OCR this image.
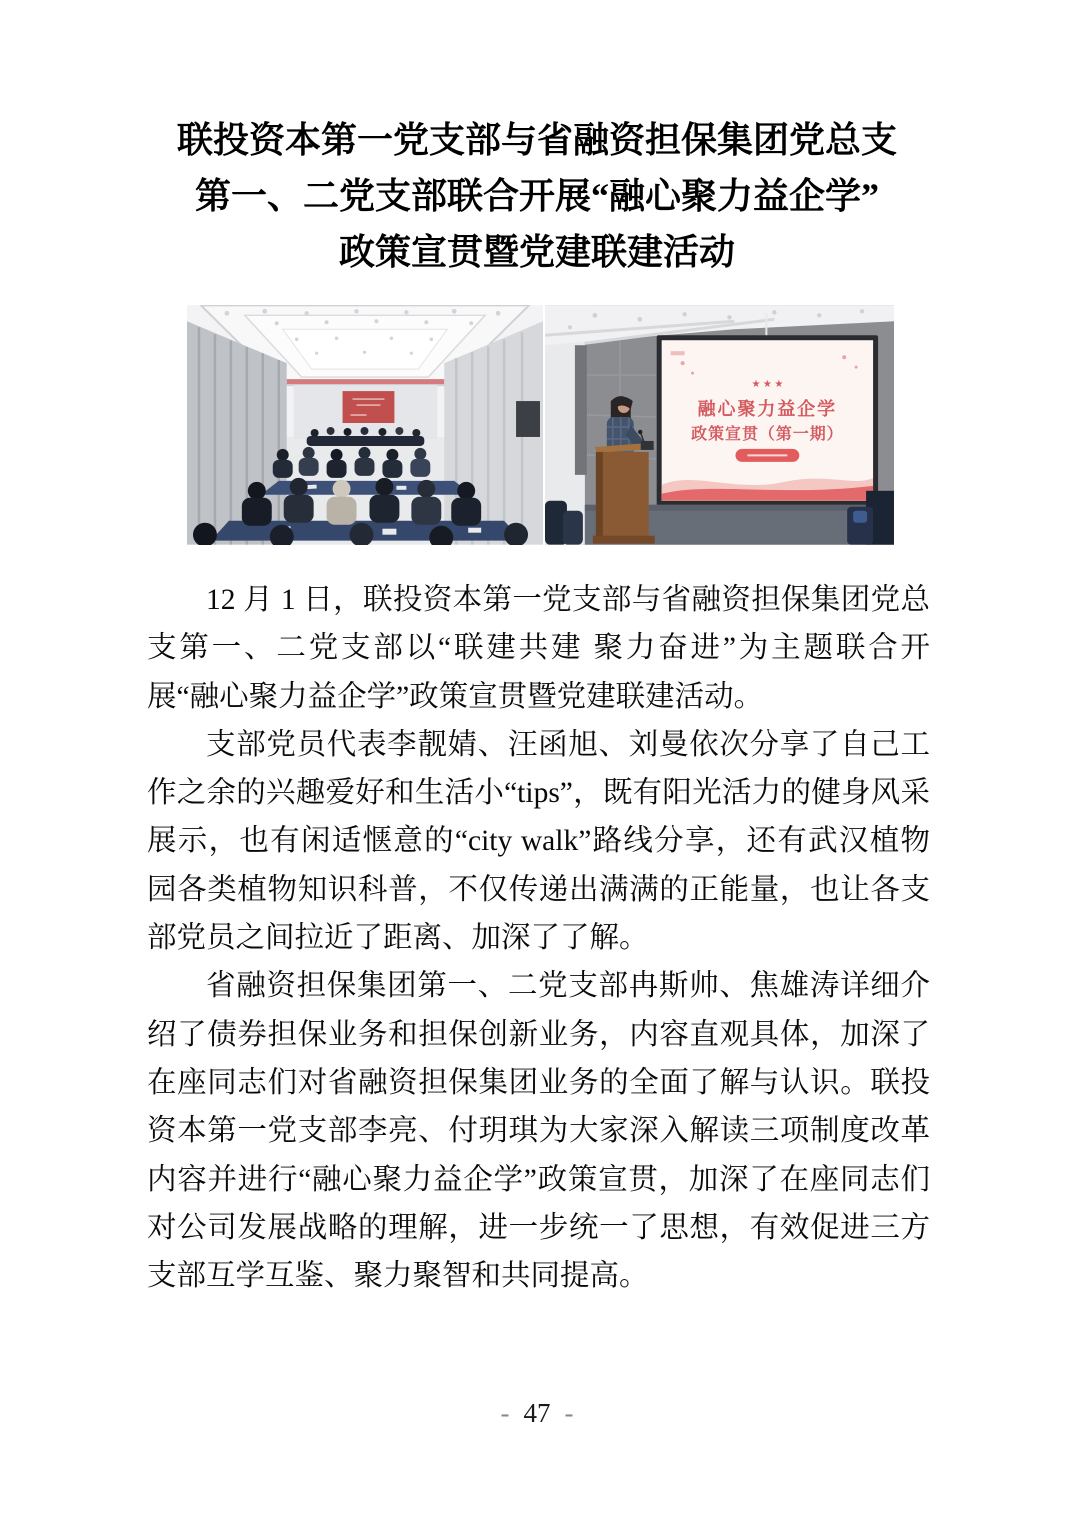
联投资本第一党支部与省融资担保集团党总支
第一、二党支部联合开展“融心聚力益企学”
政策宣贯暨党建联建活动
★ ★ ★
融心聚力益企学
政策宣贯（第一期）

12 月 1 日，联投资本第一党支部与省融资担保集团党总支第一、二党支部以“联建共建 聚力奋进”为主题联合开展“融心聚力益企学”政策宣贯暨党建联建活动。

支部党员代表李靓婧、汪函旭、刘曼依次分享了自己工作之余的兴趣爱好和生活小“tips”，既有阳光活力的健身风采展示，也有闲适惬意的“city walk”路线分享，还有武汉植物园各类植物知识科普，不仅传递出满满的正能量，也让各支部党员之间拉近了距离、加深了了解。

省融资担保集团第一、二党支部冉斯帅、焦雄涛详细介绍了债券担保业务和担保创新业务，内容直观具体，加深了在座同志们对省融资担保集团业务的全面了解与认识。联投资本第一党支部李亮、付玥琪为大家深入解读三项制度改革内容并进行“融心聚力益企学”政策宣贯，加深了在座同志们对公司发展战略的理解，进一步统一了思想，有效促进三方支部互学互鉴、聚力聚智和共同提高。

- 47 -
